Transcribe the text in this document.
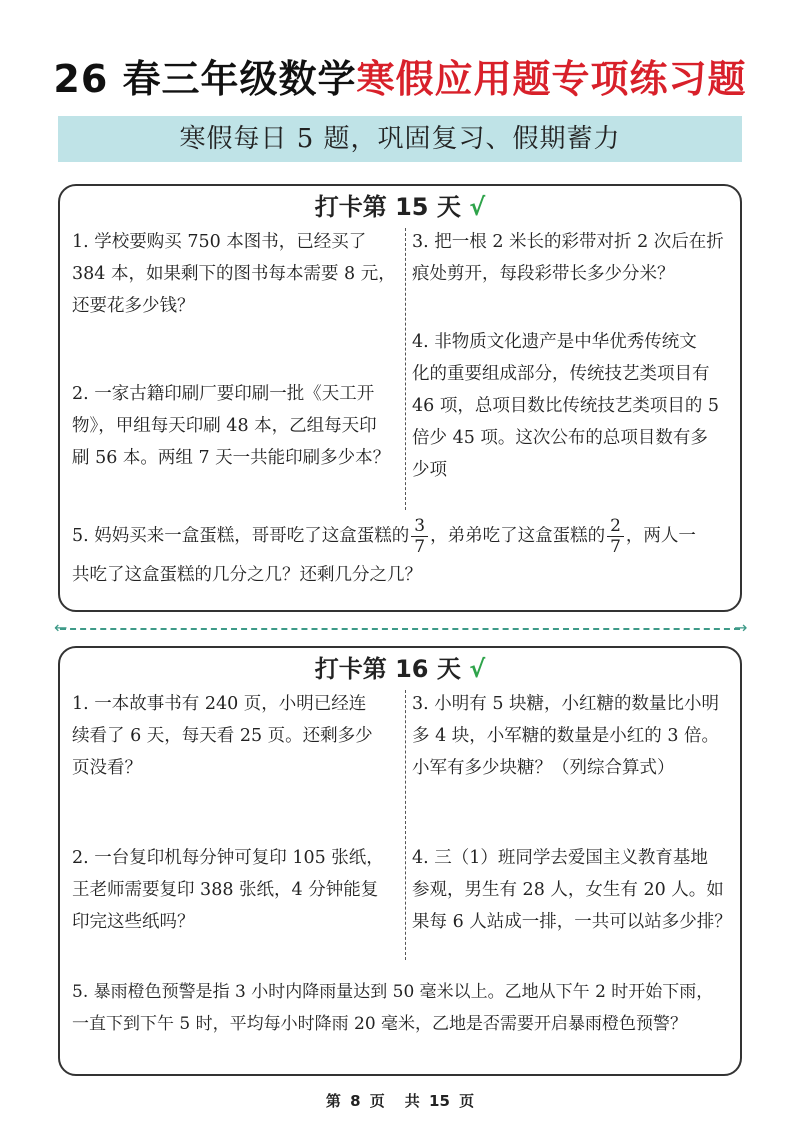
26 春三年级数学寒假应用题专项练习题
寒假每日 5 题，巩固复习、假期蓄力
打卡第 15 天 √
1. 学校要购买 750 本图书，已经买了
384 本，如果剩下的图书每本需要 8 元，
还要花多少钱？
2. 一家古籍印刷厂要印刷一批《天工开
物》，甲组每天印刷 48 本，乙组每天印
刷 56 本。两组 7 天一共能印刷多少本？
3. 把一根 2 米长的彩带对折 2 次后在折
痕处剪开，每段彩带长多少分米？
4. 非物质文化遗产是中华优秀传统文
化的重要组成部分，传统技艺类项目有
46 项，总项目数比传统技艺类项目的 5
倍少 45 项。这次公布的总项目数有多
少项
5. 妈妈买来一盒蛋糕，哥哥吃了这盒蛋糕的 $\frac{3}{7}$ ，弟弟吃了这盒蛋糕的 $\frac{2}{7}$ ，两人一
共吃了这盒蛋糕的几分之几？还剩几分之几？
←	→
打卡第 16 天 √
1. 一本故事书有 240 页，小明已经连
续看了 6 天，每天看 25 页。还剩多少
页没看？
2. 一台复印机每分钟可复印 105 张纸，
王老师需要复印 388 张纸，4 分钟能复
印完这些纸吗？
3. 小明有 5 块糖，小红糖的数量比小明
多 4 块，小军糖的数量是小红的 3 倍。
小军有多少块糖？（列综合算式）
4. 三（1）班同学去爱国主义教育基地
参观，男生有 28 人，女生有 20 人。如
果每 6 人站成一排，一共可以站多少排？
5. 暴雨橙色预警是指 3 小时内降雨量达到 50 毫米以上。乙地从下午 2 时开始下雨，
一直下到下午 5 时，平均每小时降雨 20 毫米，乙地是否需要开启暴雨橙色预警？
第 8 页 共 15 页
